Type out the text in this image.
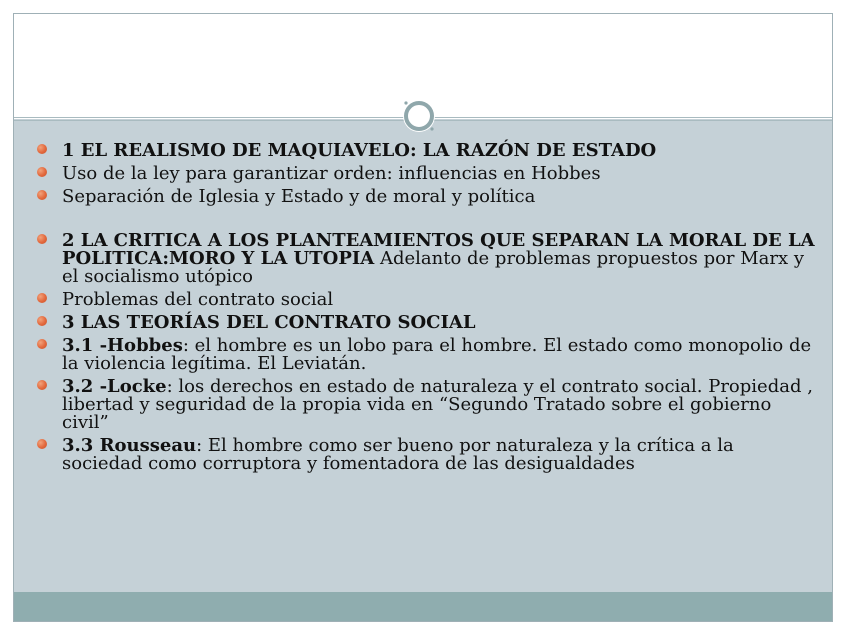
1 EL REALISMO DE MAQUIAVELO: LA RAZÓN DE ESTADO
Uso de la ley para garantizar orden: influencias en Hobbes
Separación de Iglesia y Estado y de moral y política
2 LA CRITICA A LOS PLANTEAMIENTOS QUE SEPARAN LA MORAL DE LA POLITICA:MORO Y LA UTOPIA Adelanto de problemas propuestos por Marx y el socialismo utópico
Problemas del contrato social
3 LAS TEORÍAS DEL CONTRATO SOCIAL
3.1 -Hobbes: el hombre es un lobo para el hombre. El estado como monopolio de la violencia legítima. El Leviatán.
3.2 -Locke: los derechos en estado de naturaleza y el contrato social. Propiedad , libertad y seguridad de la propia vida en “Segundo Tratado sobre el gobierno civil”
3.3 Rousseau: El hombre como ser bueno por naturaleza y la crítica a la sociedad como corruptora y fomentadora de las desigualdades
